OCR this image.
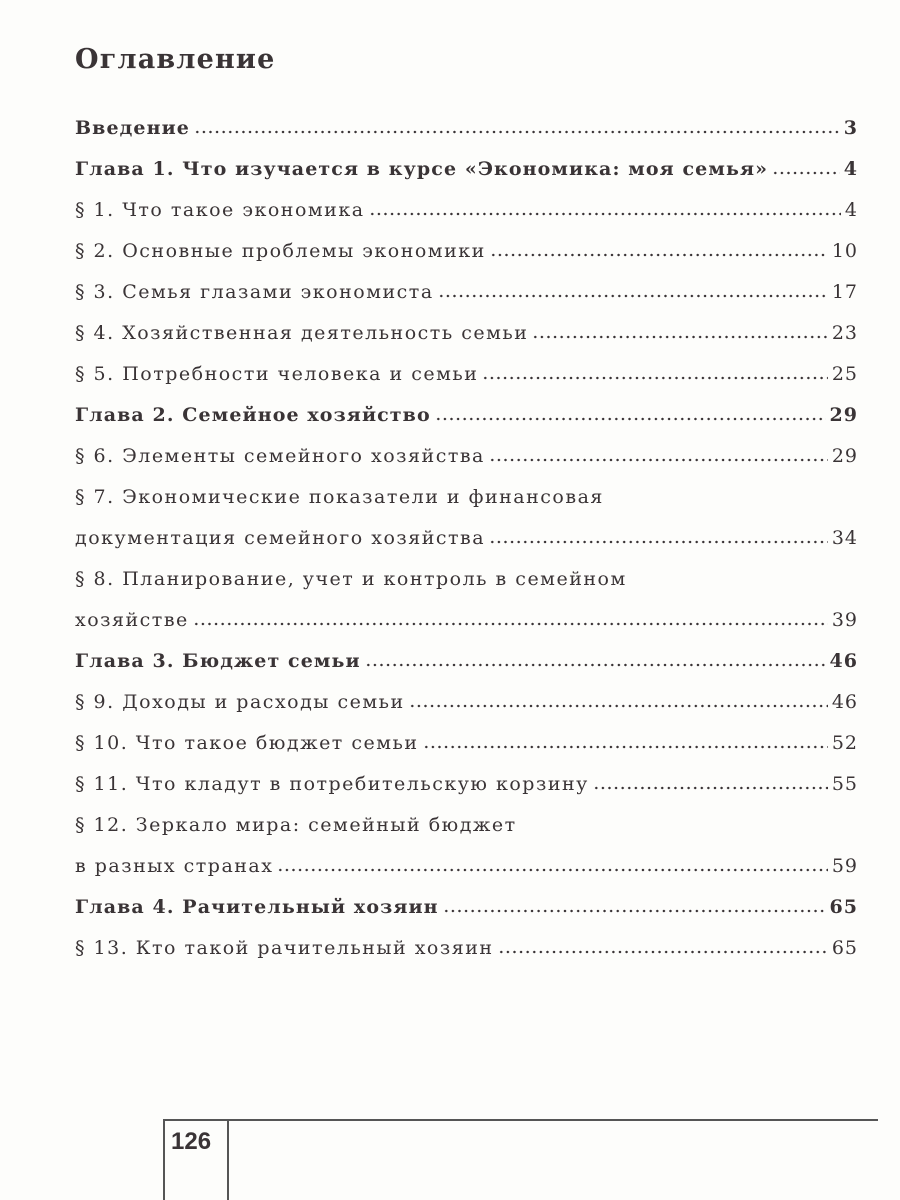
Оглавление
Введение	3
Глава 1. Что изучается в курсе «Экономика: моя семья»	4
§ 1. Что такое экономика	4
§ 2. Основные проблемы экономики	10
§ 3. Семья глазами экономиста	17
§ 4. Хозяйственная деятельность семьи	23
§ 5. Потребности человека и семьи	25
Глава 2. Семейное хозяйство	29
§ 6. Элементы семейного хозяйства	29
§ 7. Экономические показатели и финансовая
документация семейного хозяйства	34
§ 8. Планирование, учет и контроль в семейном
хозяйстве	39
Глава 3. Бюджет семьи	46
§ 9. Доходы и расходы семьи	46
§ 10. Что такое бюджет семьи	52
§ 11. Что кладут в потребительскую корзину	55
§ 12. Зеркало мира: семейный бюджет
в разных странах	59
Глава 4. Рачительный хозяин	65
§ 13. Кто такой рачительный хозяин	65
126
